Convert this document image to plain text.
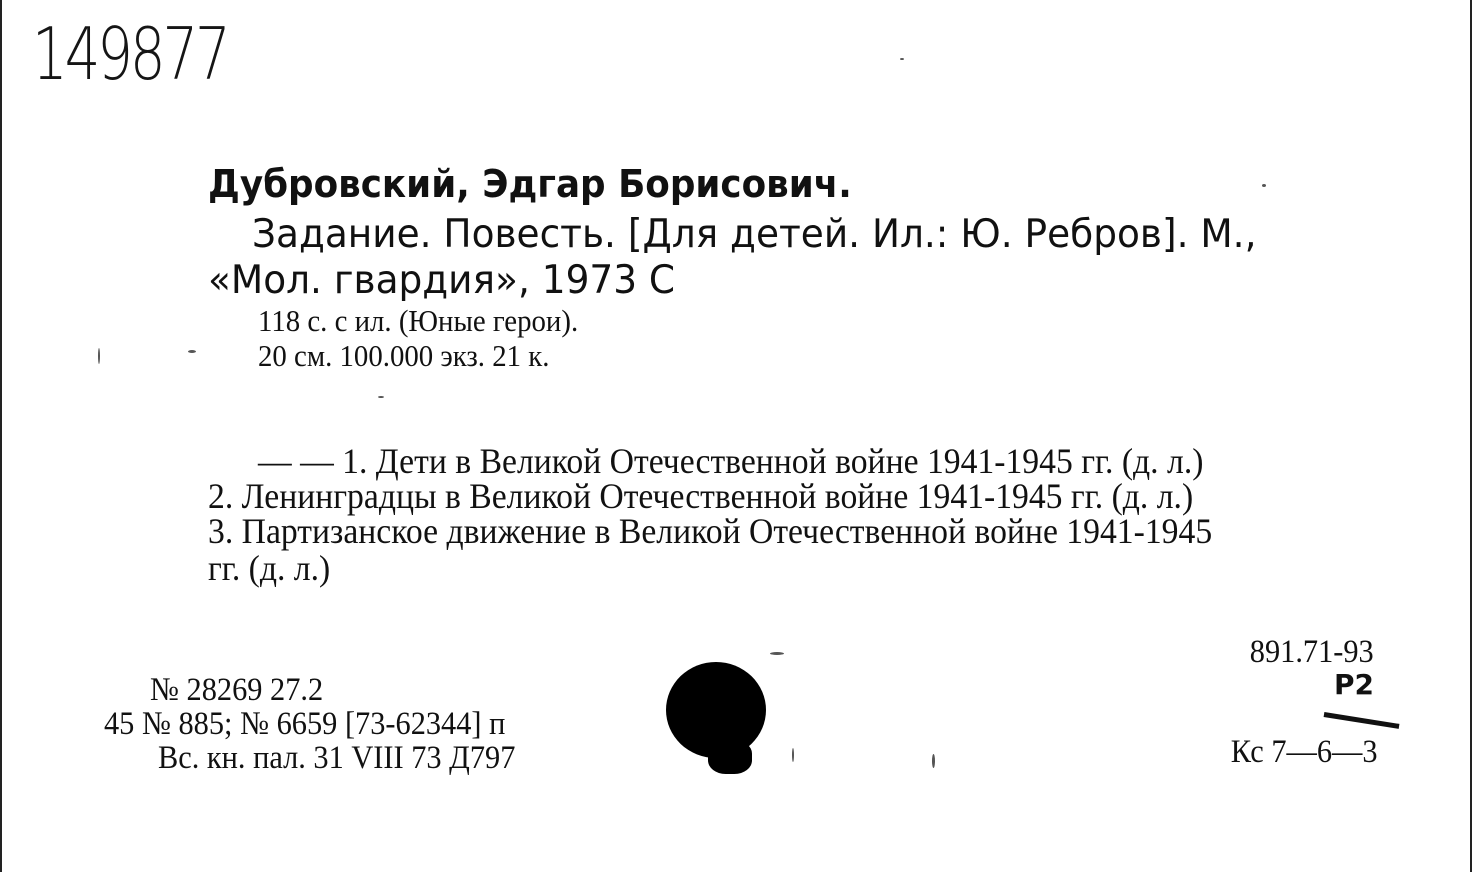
149877
Дубровский, Эдгар Борисович.
Задание. Повесть. [Для детей. Ил.: Ю. Ребров]. М.,
«Мол. гвардия», 1973 С
118 с. с ил. (Юные герои).
20 см. 100.000 экз. 21 к.
— — 1. Дети в Великой Отечественной войне 1941-1945 гг. (д. л.)
2. Ленинградцы в Великой Отечественной войне 1941-1945 гг. (д. л.)
3. Партизанское движение в Великой Отечественной войне 1941-1945
гг. (д. л.)
№ 28269 27.2
45 № 885; № 6659 [73-62344] п
Вс. кн. пал. 31 VIII 73 Д797
891.71-93
Р2
Кс 7—6—3
